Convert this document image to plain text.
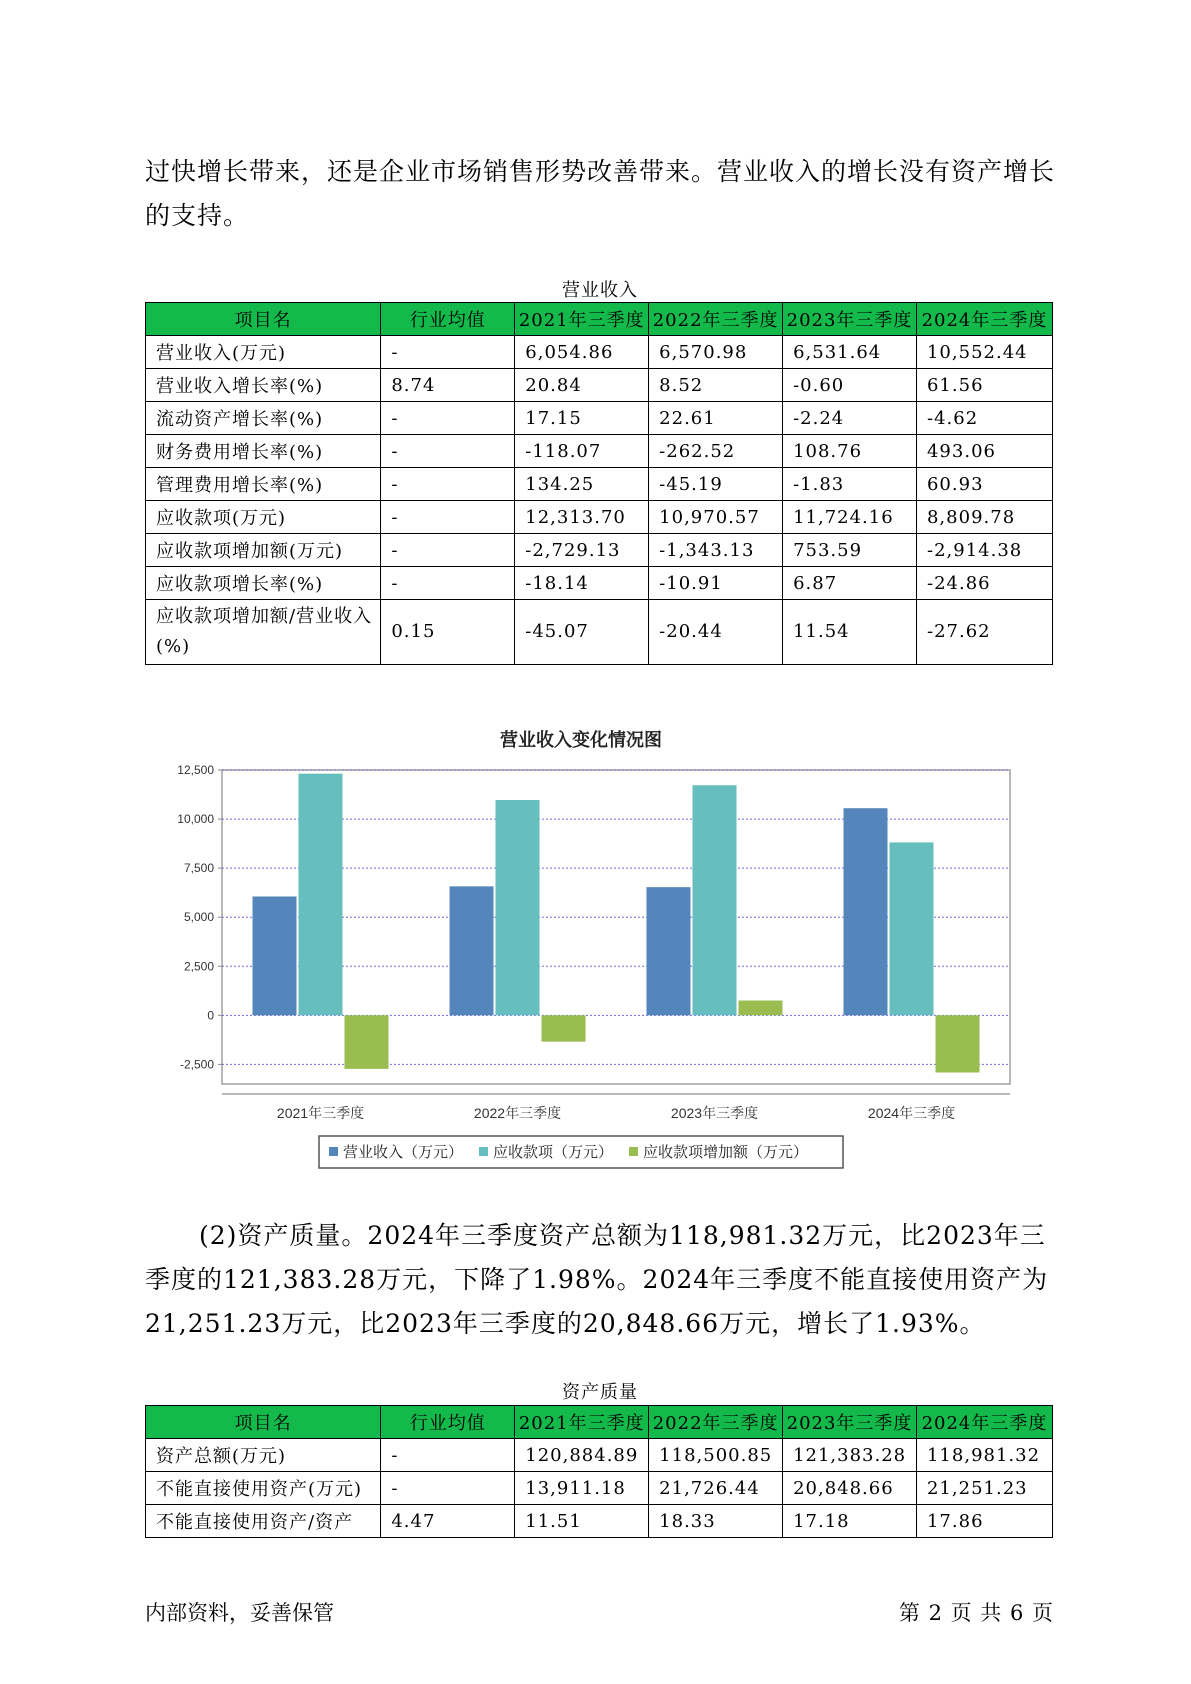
过快增长带来，还是企业市场销售形势改善带来。营业收入的增长没有资产增长的支持。
营业收入
项目名	行业均值	2021年三季度	2022年三季度	2023年三季度	2024年三季度
营业收入(万元)	-	6,054.86	6,570.98	6,531.64	10,552.44
营业收入增长率(%)	8.74	20.84	8.52	-0.60	61.56
流动资产增长率(%)	-	17.15	22.61	-2.24	-4.62
财务费用增长率(%)	-	-118.07	-262.52	108.76	493.06
管理费用增长率(%)	-	134.25	-45.19	-1.83	60.93
应收款项(万元)	-	12,313.70	10,970.57	11,724.16	8,809.78
应收款项增加额(万元)	-	-2,729.13	-1,343.13	753.59	-2,914.38
应收款项增长率(%)	-	-18.14	-10.91	6.87	-24.86
应收款项增加额/营业收入(%)	0.15	-45.07	-20.44	11.54	-27.62
营业收入变化情况图
12,500
10,000
7,500
5,000
2,500
0
-2,500
2021年三季度	2022年三季度	2023年三季度	2024年三季度
营业收入（万元） 应收款项（万元） 应收款项增加额（万元）
(2)资产质量。2024年三季度资产总额为118,981.32万元，比2023年三季度的121,383.28万元，下降了1.98%。2024年三季度不能直接使用资产为21,251.23万元，比2023年三季度的20,848.66万元，增长了1.93%。
资产质量
项目名	行业均值	2021年三季度	2022年三季度	2023年三季度	2024年三季度
资产总额(万元)	-	120,884.89	118,500.85	121,383.28	118,981.32
不能直接使用资产(万元)	-	13,911.18	21,726.44	20,848.66	21,251.23
不能直接使用资产/资产	4.47	11.51	18.33	17.18	17.86
内部资料，妥善保管	第 2 页 共 6 页
